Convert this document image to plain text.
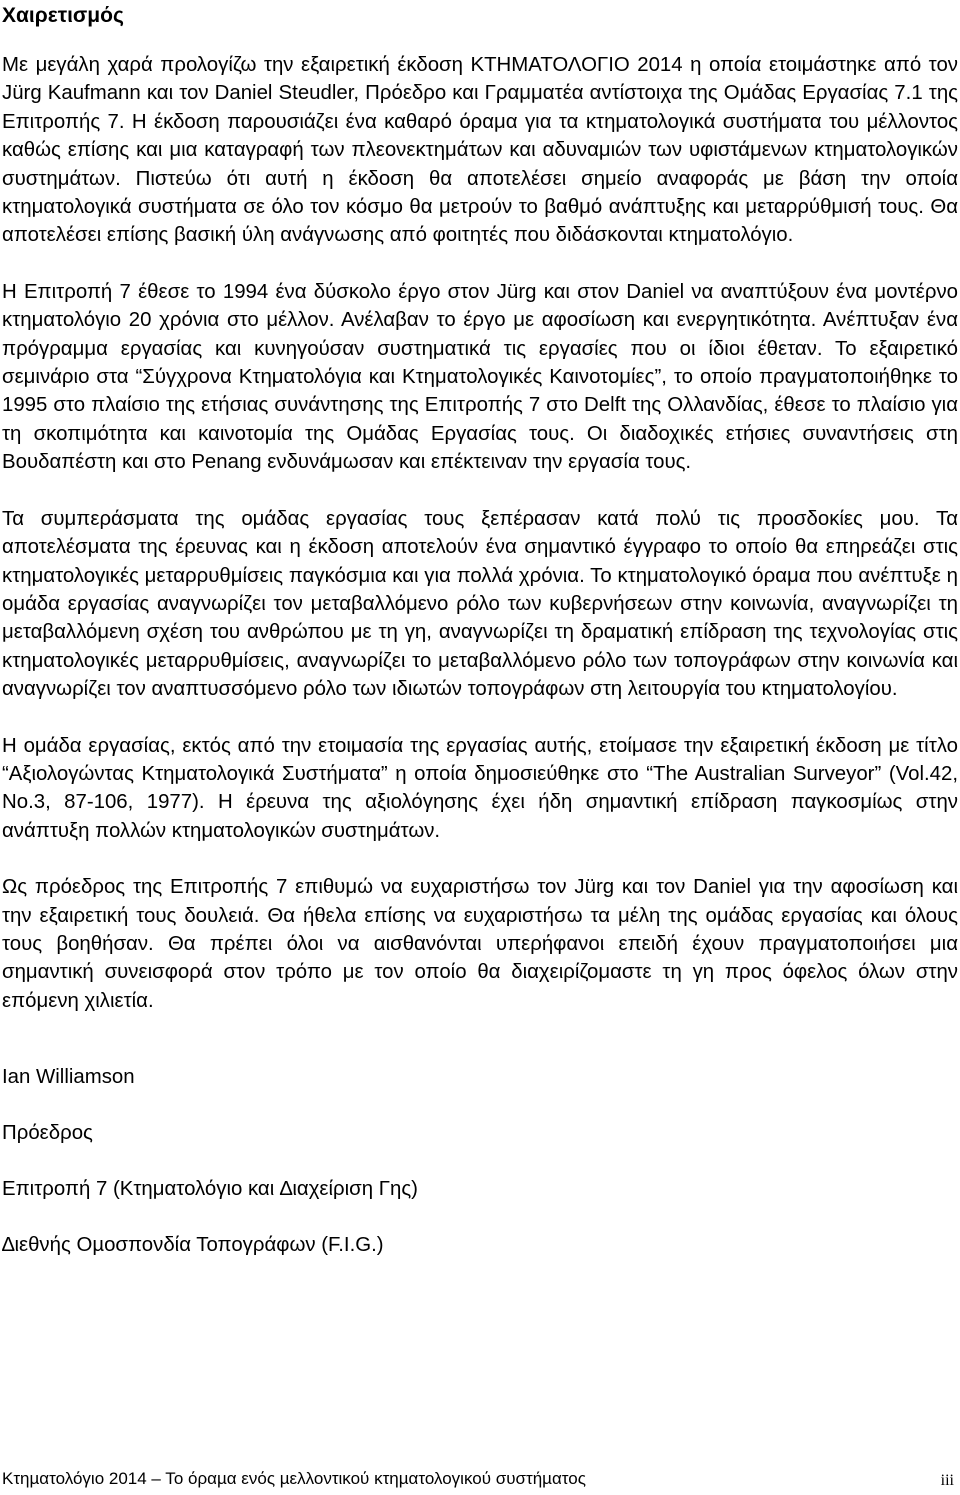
Χαιρετισμός

Με μεγάλη χαρά προλογίζω την εξαιρετική έκδοση ΚΤΗΜΑΤΟΛΟΓΙΟ 2014 η οποία ετοιμάστηκε από τον Jürg Kaufmann και τον Daniel Steudler, Πρόεδρο και Γραμματέα αντίστοιχα της Ομάδας Εργασίας 7.1 της Επιτροπής 7. Η έκδοση παρουσιάζει ένα καθαρό όραμα για τα κτηματολογικά συστήματα του μέλλοντος καθώς επίσης και μια καταγραφή των πλεονεκτημάτων και αδυναμιών των υφιστάμενων κτηματολογικών συστημάτων. Πιστεύω ότι αυτή η έκδοση θα αποτελέσει σημείο αναφοράς με βάση την οποία κτηματολογικά συστήματα σε όλο τον κόσμο θα μετρούν το βαθμό ανάπτυξης και μεταρρύθμισή τους. Θα αποτελέσει επίσης βασική ύλη ανάγνωσης από φοιτητές που διδάσκονται κτηματολόγιο.

Η Επιτροπή 7 έθεσε το 1994 ένα δύσκολο έργο στον Jürg και στον Daniel να αναπτύξουν ένα μοντέρνο κτηματολόγιο 20 χρόνια στο μέλλον. Ανέλαβαν το έργο με αφοσίωση και ενεργητικότητα. Ανέπτυξαν ένα πρόγραμμα εργασίας και κυνηγούσαν συστηματικά τις εργασίες που οι ίδιοι έθεταν. Το εξαιρετικό σεμινάριο στα “Σύγχρονα Κτηματολόγια και Κτηματολογικές Καινοτομίες”, το οποίο πραγματοποιήθηκε το 1995 στο πλαίσιο της ετήσιας συνάντησης της Επιτροπής 7 στο Delft της Ολλανδίας, έθεσε το πλαίσιο για τη σκοπιμότητα και καινοτομία της Ομάδας Εργασίας τους. Οι διαδοχικές ετήσιες συναντήσεις στη Βουδαπέστη και στο Penang ενδυνάμωσαν και επέκτειναν την εργασία τους.

Τα συμπεράσματα της ομάδας εργασίας τους ξεπέρασαν κατά πολύ τις προσδοκίες μου. Τα αποτελέσματα της έρευνας και η έκδοση αποτελούν ένα σημαντικό έγγραφο το οποίο θα επηρεάζει στις κτηματολογικές μεταρρυθμίσεις παγκόσμια και για πολλά χρόνια. Το κτηματολογικό όραμα που ανέπτυξε η ομάδα εργασίας αναγνωρίζει τον μεταβαλλόμενο ρόλο των κυβερνήσεων στην κοινωνία, αναγνωρίζει τη μεταβαλλόμενη σχέση του ανθρώπου με τη γη, αναγνωρίζει τη δραματική επίδραση της τεχνολογίας στις κτηματολογικές μεταρρυθμίσεις, αναγνωρίζει το μεταβαλλόμενο ρόλο των τοπογράφων στην κοινωνία και αναγνωρίζει τον αναπτυσσόμενο ρόλο των ιδιωτών τοπογράφων στη λειτουργία του κτηματολογίου.

Η ομάδα εργασίας, εκτός από την ετοιμασία της εργασίας αυτής, ετοίμασε την εξαιρετική έκδοση με τίτλο “Αξιολογώντας Κτηματολογικά Συστήματα” η οποία δημοσιεύθηκε στο “The Australian Surveyor” (Vol.42, No.3, 87-106, 1977). Η έρευνα της αξιολόγησης έχει ήδη σημαντική επίδραση παγκοσμίως στην ανάπτυξη πολλών κτηματολογικών συστημάτων.

Ως πρόεδρος της Επιτροπής 7 επιθυμώ να ευχαριστήσω τον Jürg και τον Daniel για την αφοσίωση και την εξαιρετική τους δουλειά. Θα ήθελα επίσης να ευχαριστήσω τα μέλη της ομάδας εργασίας και όλους τους βοηθήσαν. Θα πρέπει όλοι να αισθανόνται υπερήφανοι επειδή έχουν πραγματοποιήσει μια σημαντική συνεισφορά στον τρόπο με τον οποίο θα διαχειρίζομαστε τη γη προς όφελος όλων στην επόμενη χιλιετία.

Ian Williamson

Πρόεδρος

Επιτροπή 7 (Κτηματολόγιο και ∆ιαχείριση Γης)

∆ιεθνής Οµοσπονδία Τοπογράφων (F.I.G.)

Κτηµατολόγιο 2014 – Το όραµα ενός µελλοντικού κτηµατολογικού συστήµατος	iii
